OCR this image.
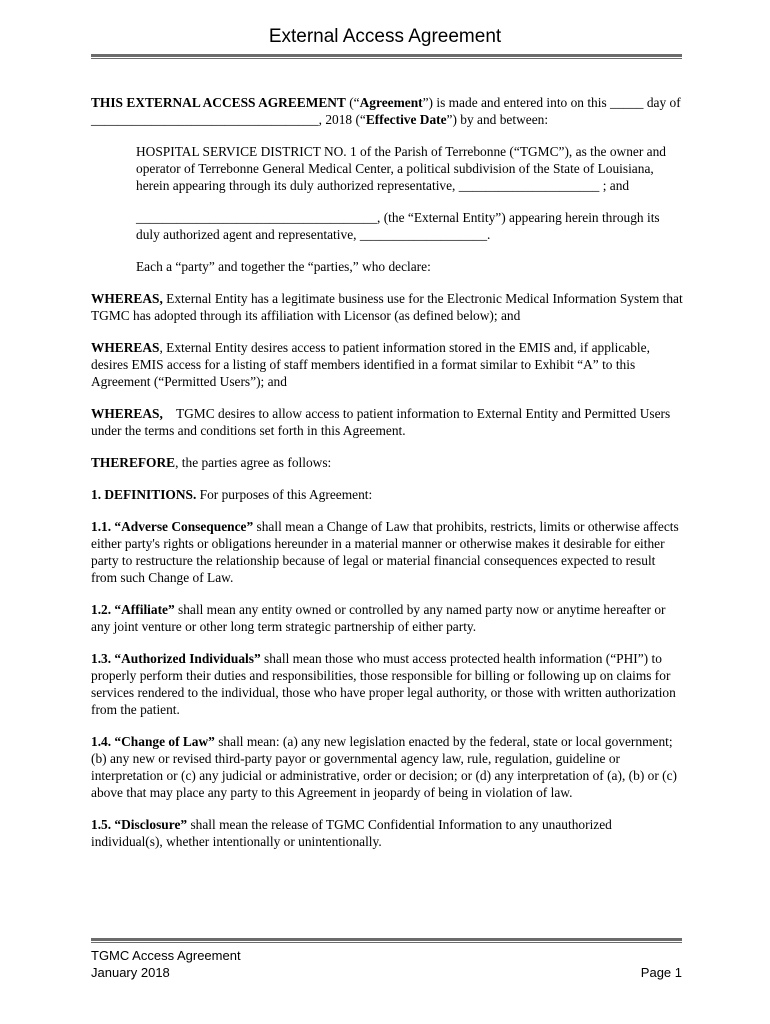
External Access Agreement

THIS EXTERNAL ACCESS AGREEMENT (“Agreement”) is made and entered into on this _____ day of __________________________________, 2018 (“Effective Date”) by and between:

HOSPITAL SERVICE DISTRICT NO. 1 of the Parish of Terrebonne (“TGMC”), as the owner and operator of Terrebonne General Medical Center, a political subdivision of the State of Louisiana, herein appearing through its duly authorized representative, _____________________ ; and

____________________________________, (the “External Entity”) appearing herein through its duly authorized agent and representative, ___________________.

Each a “party” and together the “parties,” who declare:

WHEREAS, External Entity has a legitimate business use for the Electronic Medical Information System that TGMC has adopted through its affiliation with Licensor (as defined below); and

WHEREAS, External Entity desires access to patient information stored in the EMIS and, if applicable, desires EMIS access for a listing of staff members identified in a format similar to Exhibit “A” to this Agreement (“Permitted Users”); and

WHEREAS,    TGMC desires to allow access to patient information to External Entity and Permitted Users under the terms and conditions set forth in this Agreement.

THEREFORE, the parties agree as follows:

1. DEFINITIONS. For purposes of this Agreement:

1.1. “Adverse Consequence” shall mean a Change of Law that prohibits, restricts, limits or otherwise affects either party's rights or obligations hereunder in a material manner or otherwise makes it desirable for either party to restructure the relationship because of legal or material financial consequences expected to result from such Change of Law.

1.2. “Affiliate” shall mean any entity owned or controlled by any named party now or anytime hereafter or any joint venture or other long term strategic partnership of either party.

1.3. “Authorized Individuals” shall mean those who must access protected health information (“PHI”) to properly perform their duties and responsibilities, those responsible for billing or following up on claims for services rendered to the individual, those who have proper legal authority, or those with written authorization from the patient.

1.4. “Change of Law” shall mean: (a) any new legislation enacted by the federal, state or local government; (b) any new or revised third-party payor or governmental agency law, rule, regulation, guideline or interpretation or (c) any judicial or administrative, order or decision; or (d) any interpretation of (a), (b) or (c) above that may place any party to this Agreement in jeopardy of being in violation of law.

1.5. “Disclosure” shall mean the release of TGMC Confidential Information to any unauthorized individual(s), whether intentionally or unintentionally.

TGMC Access Agreement
January 2018	Page 1
